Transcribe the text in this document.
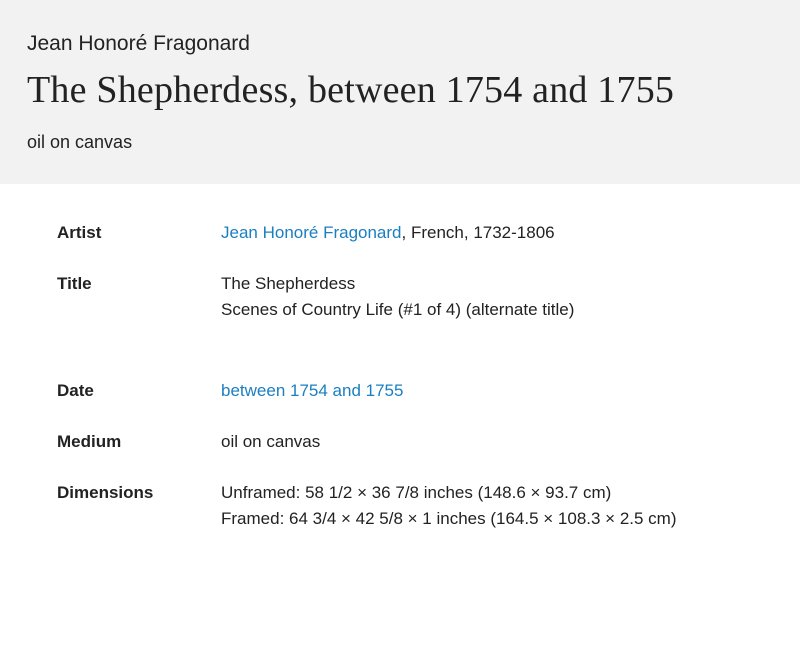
Jean Honoré Fragonard

The Shepherdess, between 1754 and 1755

oil on canvas

Artist	Jean Honoré Fragonard, French, 1732-1806
Title	The Shepherdess
Scenes of Country Life (#1 of 4) (alternate title)
Date	between 1754 and 1755
Medium	oil on canvas
Dimensions	Unframed: 58 1/2 × 36 7/8 inches (148.6 × 93.7 cm)
Framed: 64 3/4 × 42 5/8 × 1 inches (164.5 × 108.3 × 2.5 cm)
